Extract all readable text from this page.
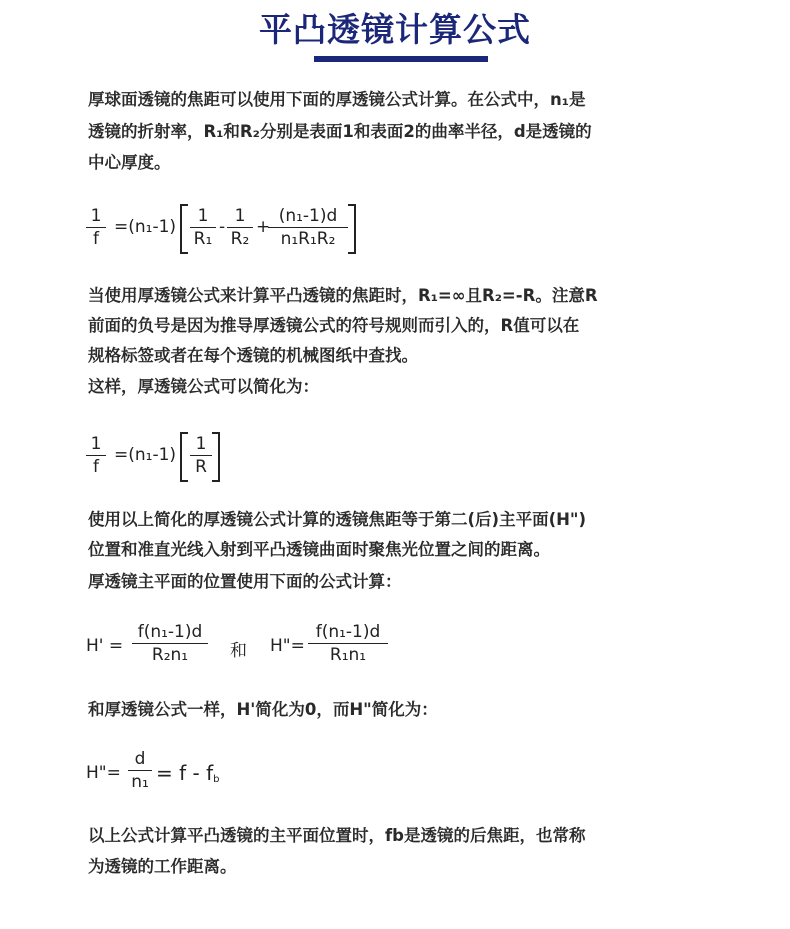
平凸透镜计算公式
厚球面透镜的焦距可以使用下面的厚透镜公式计算。在公式中，n₁是
透镜的折射率，R₁和R₂分别是表面1和表面2的曲率半径，d是透镜的
中心厚度。
$\frac{1}{f} =(n_1-1) \frac{1}{\text{R₁}} - \frac{1}{\text{R₂}}$ +
$\frac{\text{(n₁-1)d}}{\text{n₁R₁R₂}}$
当使用厚透镜公式来计算平凸透镜的焦距时，R₁=∞且R₂=-R。注意R
前面的负号是因为推导厚透镜公式的符号规则而引入的，R值可以在
规格标签或者在每个透镜的机械图纸中查找。
这样，厚透镜公式可以简化为：
$\frac{1}{f} =(n_1-1) \frac{1}{R}$
使用以上简化的厚透镜公式计算的透镜焦距等于第二(后)主平面(H")
位置和准直光线入射到平凸透镜曲面时聚焦光位置之间的距离。
厚透镜主平面的位置使用下面的公式计算：
$H' = \frac{\text{f(n₁-1)d}}{\text{R₂n₁}}$ 和 H"= $\frac{\text{f(n₁-1)d}}{\text{R₁n₁}}$
和厚透镜公式一样，H'简化为0，而H"简化为：
H"= $\frac{d}{\text{n₁}} = f - f_b$
以上公式计算平凸透镜的主平面位置时，fb是透镜的后焦距，也常称
为透镜的工作距离。
